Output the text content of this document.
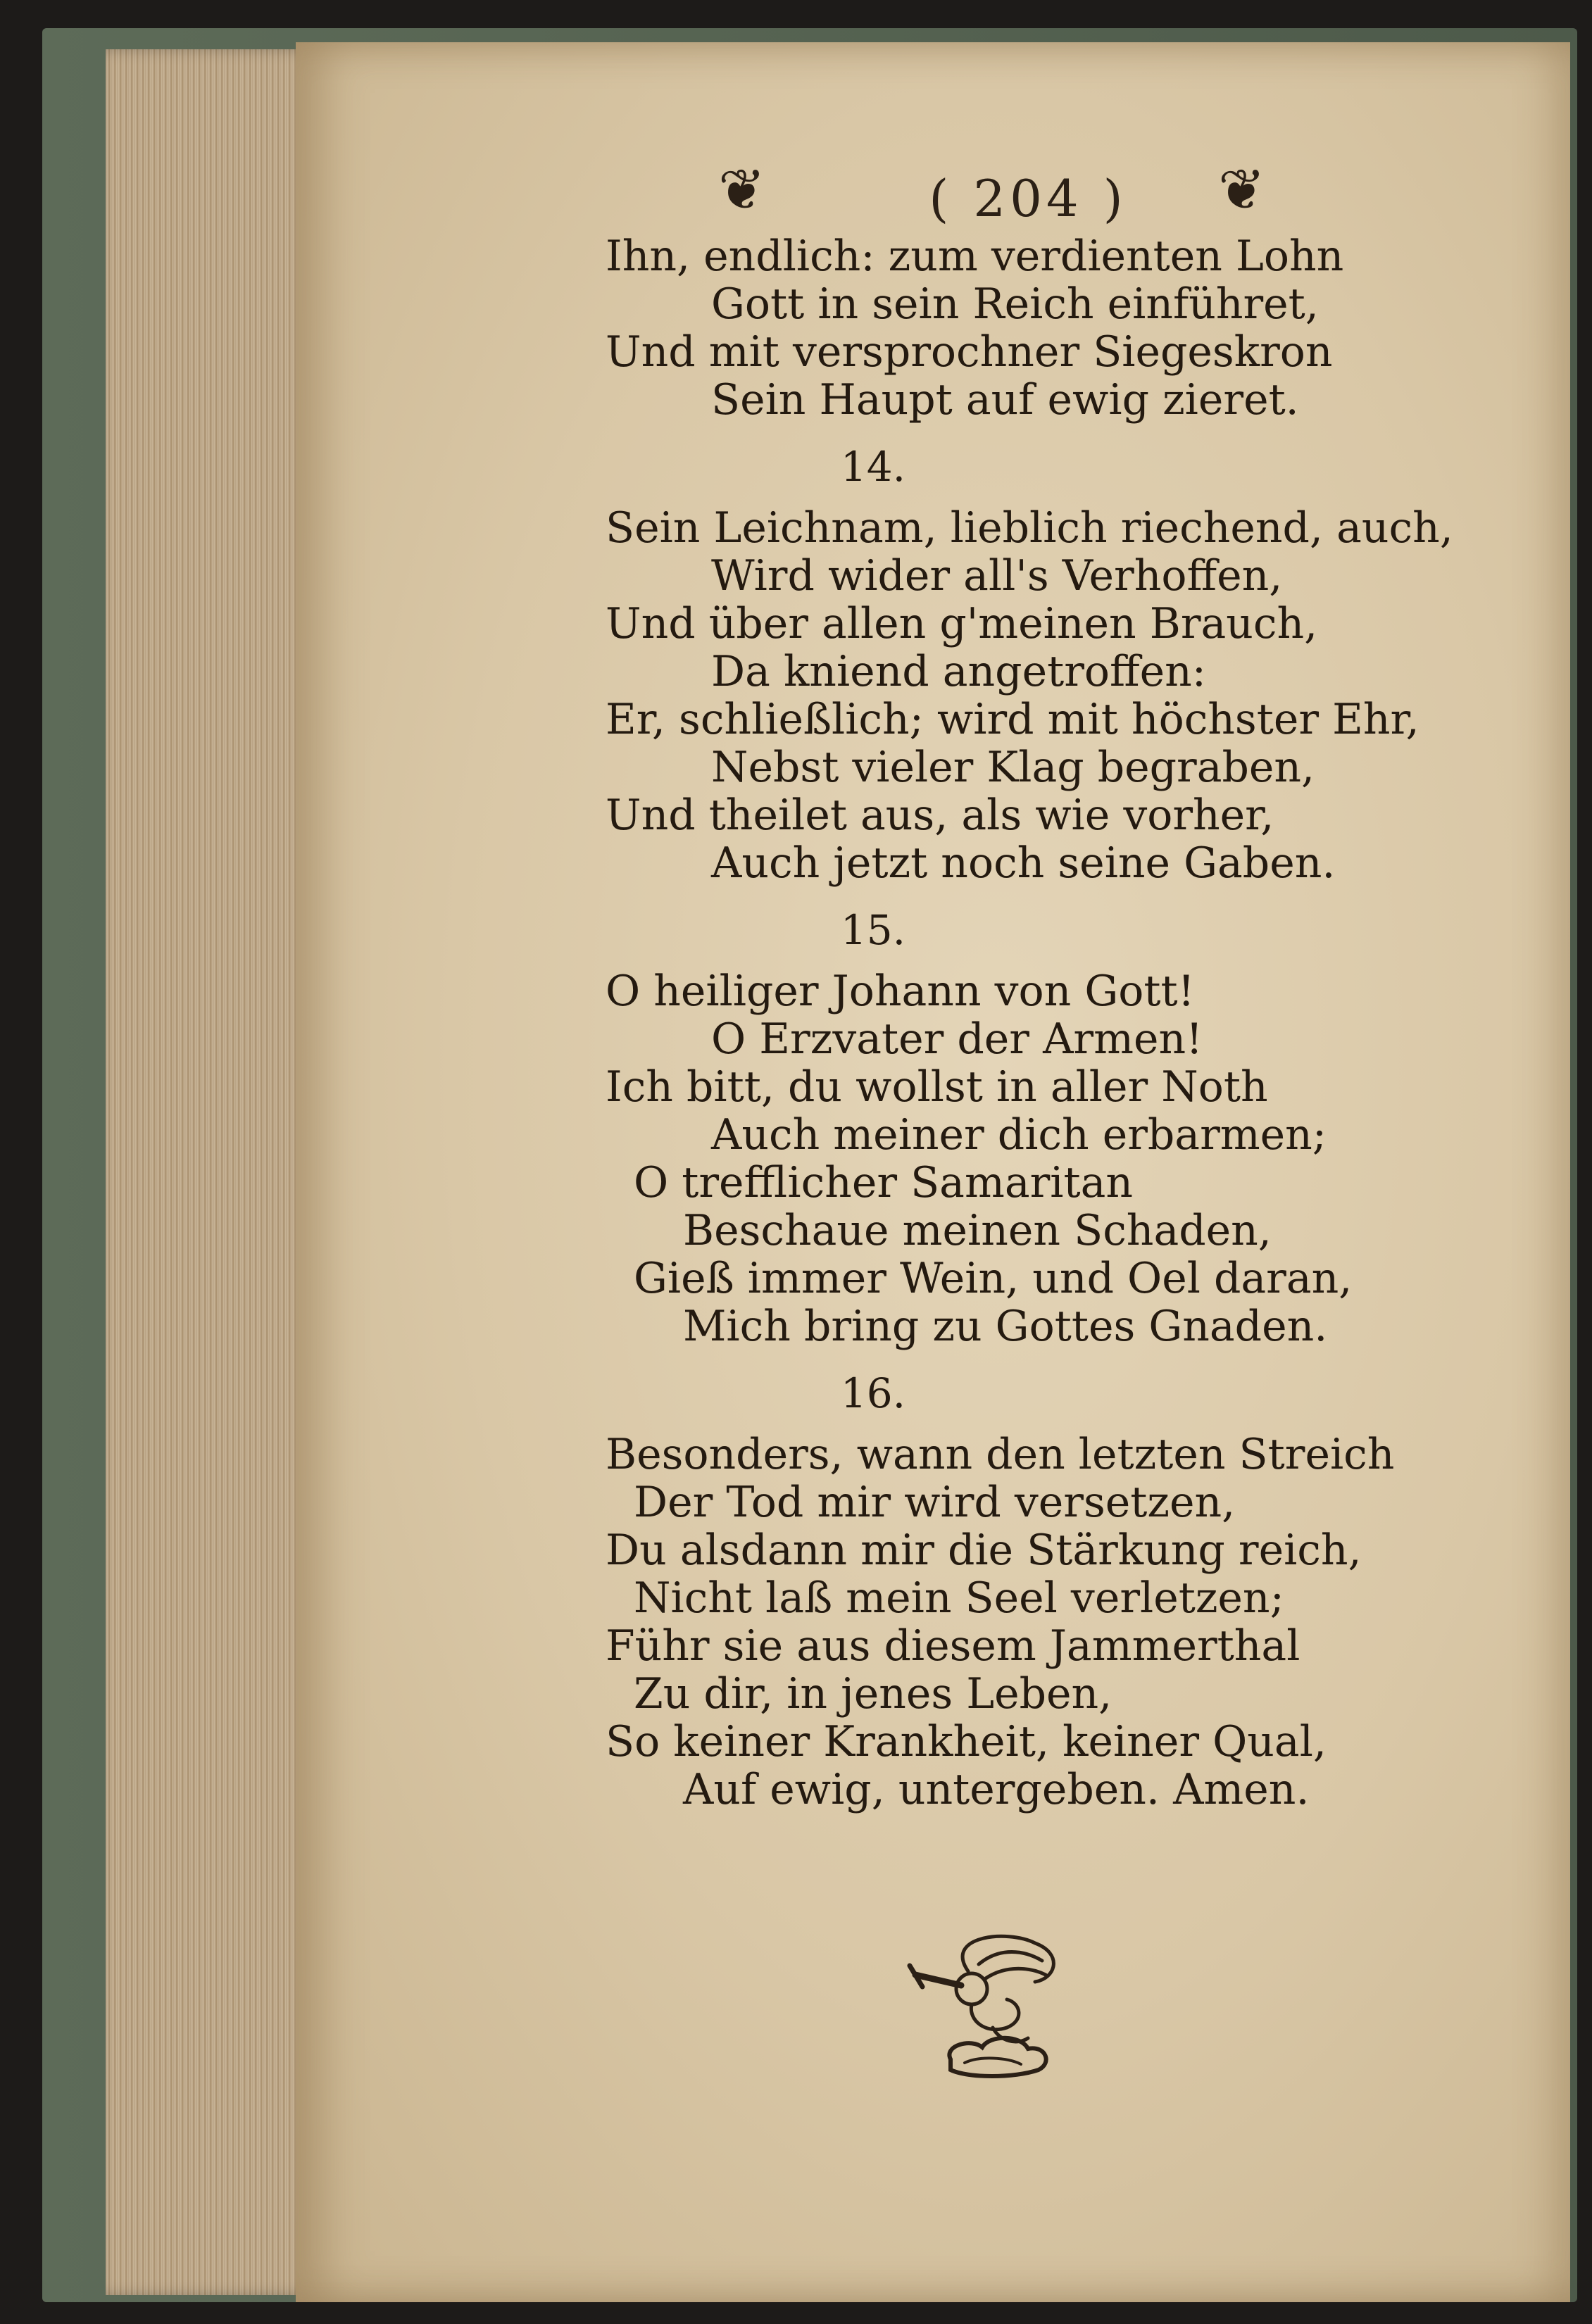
❦	( 204 )	❦
Ihn, endlich: zum verdienten Lohn
Gott in sein Reich einführet,
Und mit versprochner Siegeskron
Sein Haupt auf ewig zieret.
14.
Sein Leichnam, lieblich riechend, auch,
Wird wider all's Verhoffen,
Und über allen g'meinen Brauch,
Da kniend angetroffen:
Er, schließlich; wird mit höchster Ehr,
Nebst vieler Klag begraben,
Und theilet aus, als wie vorher,
Auch jetzt noch seine Gaben.
15.
O heiliger Johann von Gott!
O Erzvater der Armen!
Ich bitt, du wollst in aller Noth
Auch meiner dich erbarmen;
O trefflicher Samaritan
Beschaue meinen Schaden,
Gieß immer Wein, und Oel daran,
Mich bring zu Gottes Gnaden.
16.
Besonders, wann den letzten Streich
Der Tod mir wird versetzen,
Du alsdann mir die Stärkung reich,
Nicht laß mein Seel verletzen;
Führ sie aus diesem Jammerthal
Zu dir, in jenes Leben,
So keiner Krankheit, keiner Qual,
Auf ewig, untergeben. Amen.
